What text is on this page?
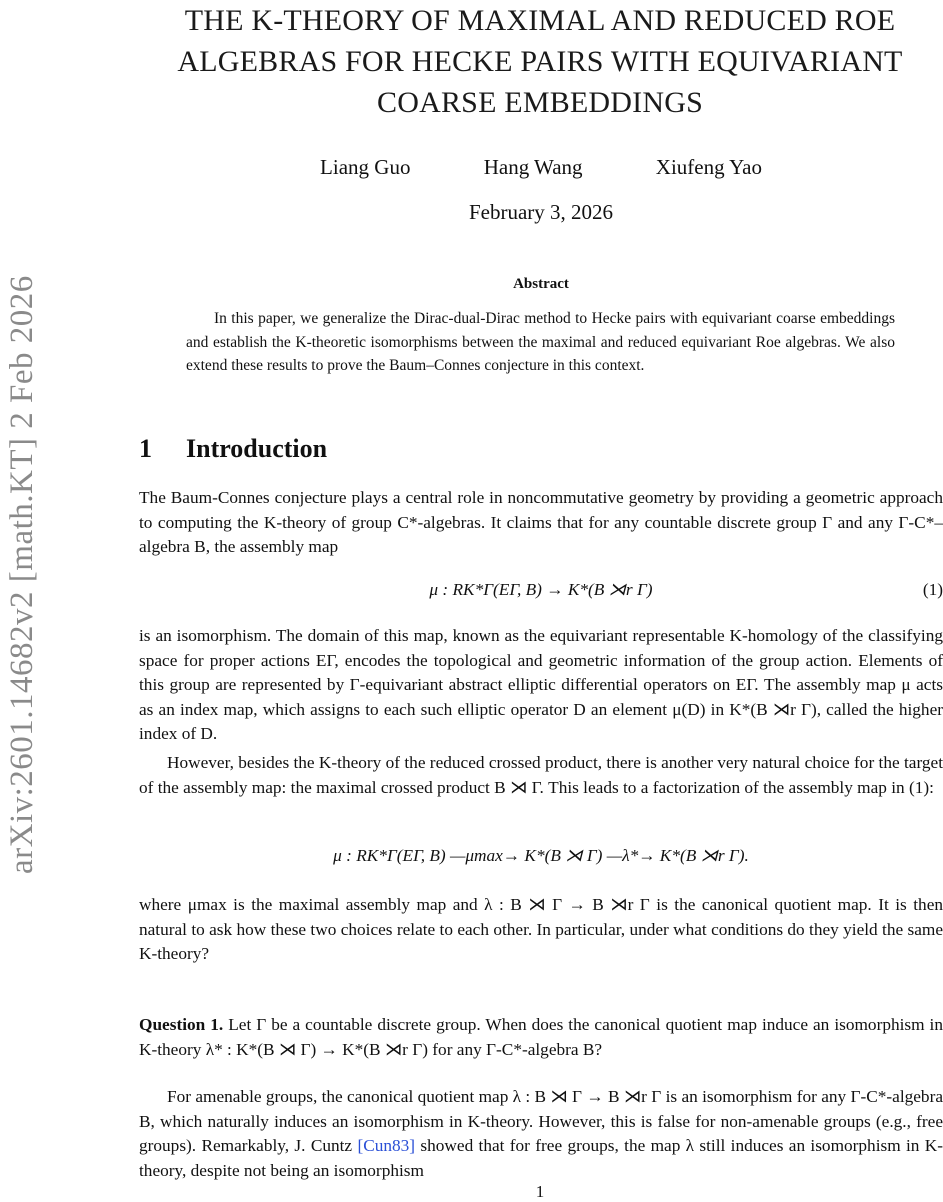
arXiv:2601.14682v2 [math.KT] 2 Feb 2026
THE K-THEORY OF MAXIMAL AND REDUCED ROE ALGEBRAS FOR HECKE PAIRS WITH EQUIVARIANT COARSE EMBEDDINGS
Liang Guo	Hang Wang	Xiufeng Yao
February 3, 2026
Abstract
In this paper, we generalize the Dirac-dual-Dirac method to Hecke pairs with equivariant coarse embeddings and establish the K-theoretic isomorphisms between the maximal and reduced equivariant Roe algebras. We also extend these results to prove the Baum–Connes conjecture in this context.
1 Introduction
The Baum-Connes conjecture plays a central role in noncommutative geometry by providing a geometric approach to computing the K-theory of group C*-algebras. It claims that for any countable discrete group Γ and any Γ-C*–algebra B, the assembly map
μ : RK*Γ(EΓ, B) → K*(B ⋊r Γ)	(1)
is an isomorphism. The domain of this map, known as the equivariant representable K-homology of the classifying space for proper actions EΓ, encodes the topological and geometric information of the group action. Elements of this group are represented by Γ-equivariant abstract elliptic differential operators on EΓ. The assembly map μ acts as an index map, which assigns to each such elliptic operator D an element μ(D) in K*(B ⋊r Γ), called the higher index of D.
However, besides the K-theory of the reduced crossed product, there is another very natural choice for the target of the assembly map: the maximal crossed product B ⋊ Γ. This leads to a factorization of the assembly map in (1):
μ : RK*Γ(EΓ, B) —μmax→ K*(B ⋊ Γ) —λ*→ K*(B ⋊r Γ).
where μmax is the maximal assembly map and λ : B ⋊ Γ → B ⋊r Γ is the canonical quotient map. It is then natural to ask how these two choices relate to each other. In particular, under what conditions do they yield the same K-theory?
Question 1. Let Γ be a countable discrete group. When does the canonical quotient map induce an isomorphism in K-theory λ* : K*(B ⋊ Γ) → K*(B ⋊r Γ) for any Γ-C*-algebra B?
For amenable groups, the canonical quotient map λ : B ⋊ Γ → B ⋊r Γ is an isomorphism for any Γ-C*-algebra B, which naturally induces an isomorphism in K-theory. However, this is false for non-amenable groups (e.g., free groups). Remarkably, J. Cuntz [Cun83] showed that for free groups, the map λ still induces an isomorphism in K-theory, despite not being an isomorphism
1
